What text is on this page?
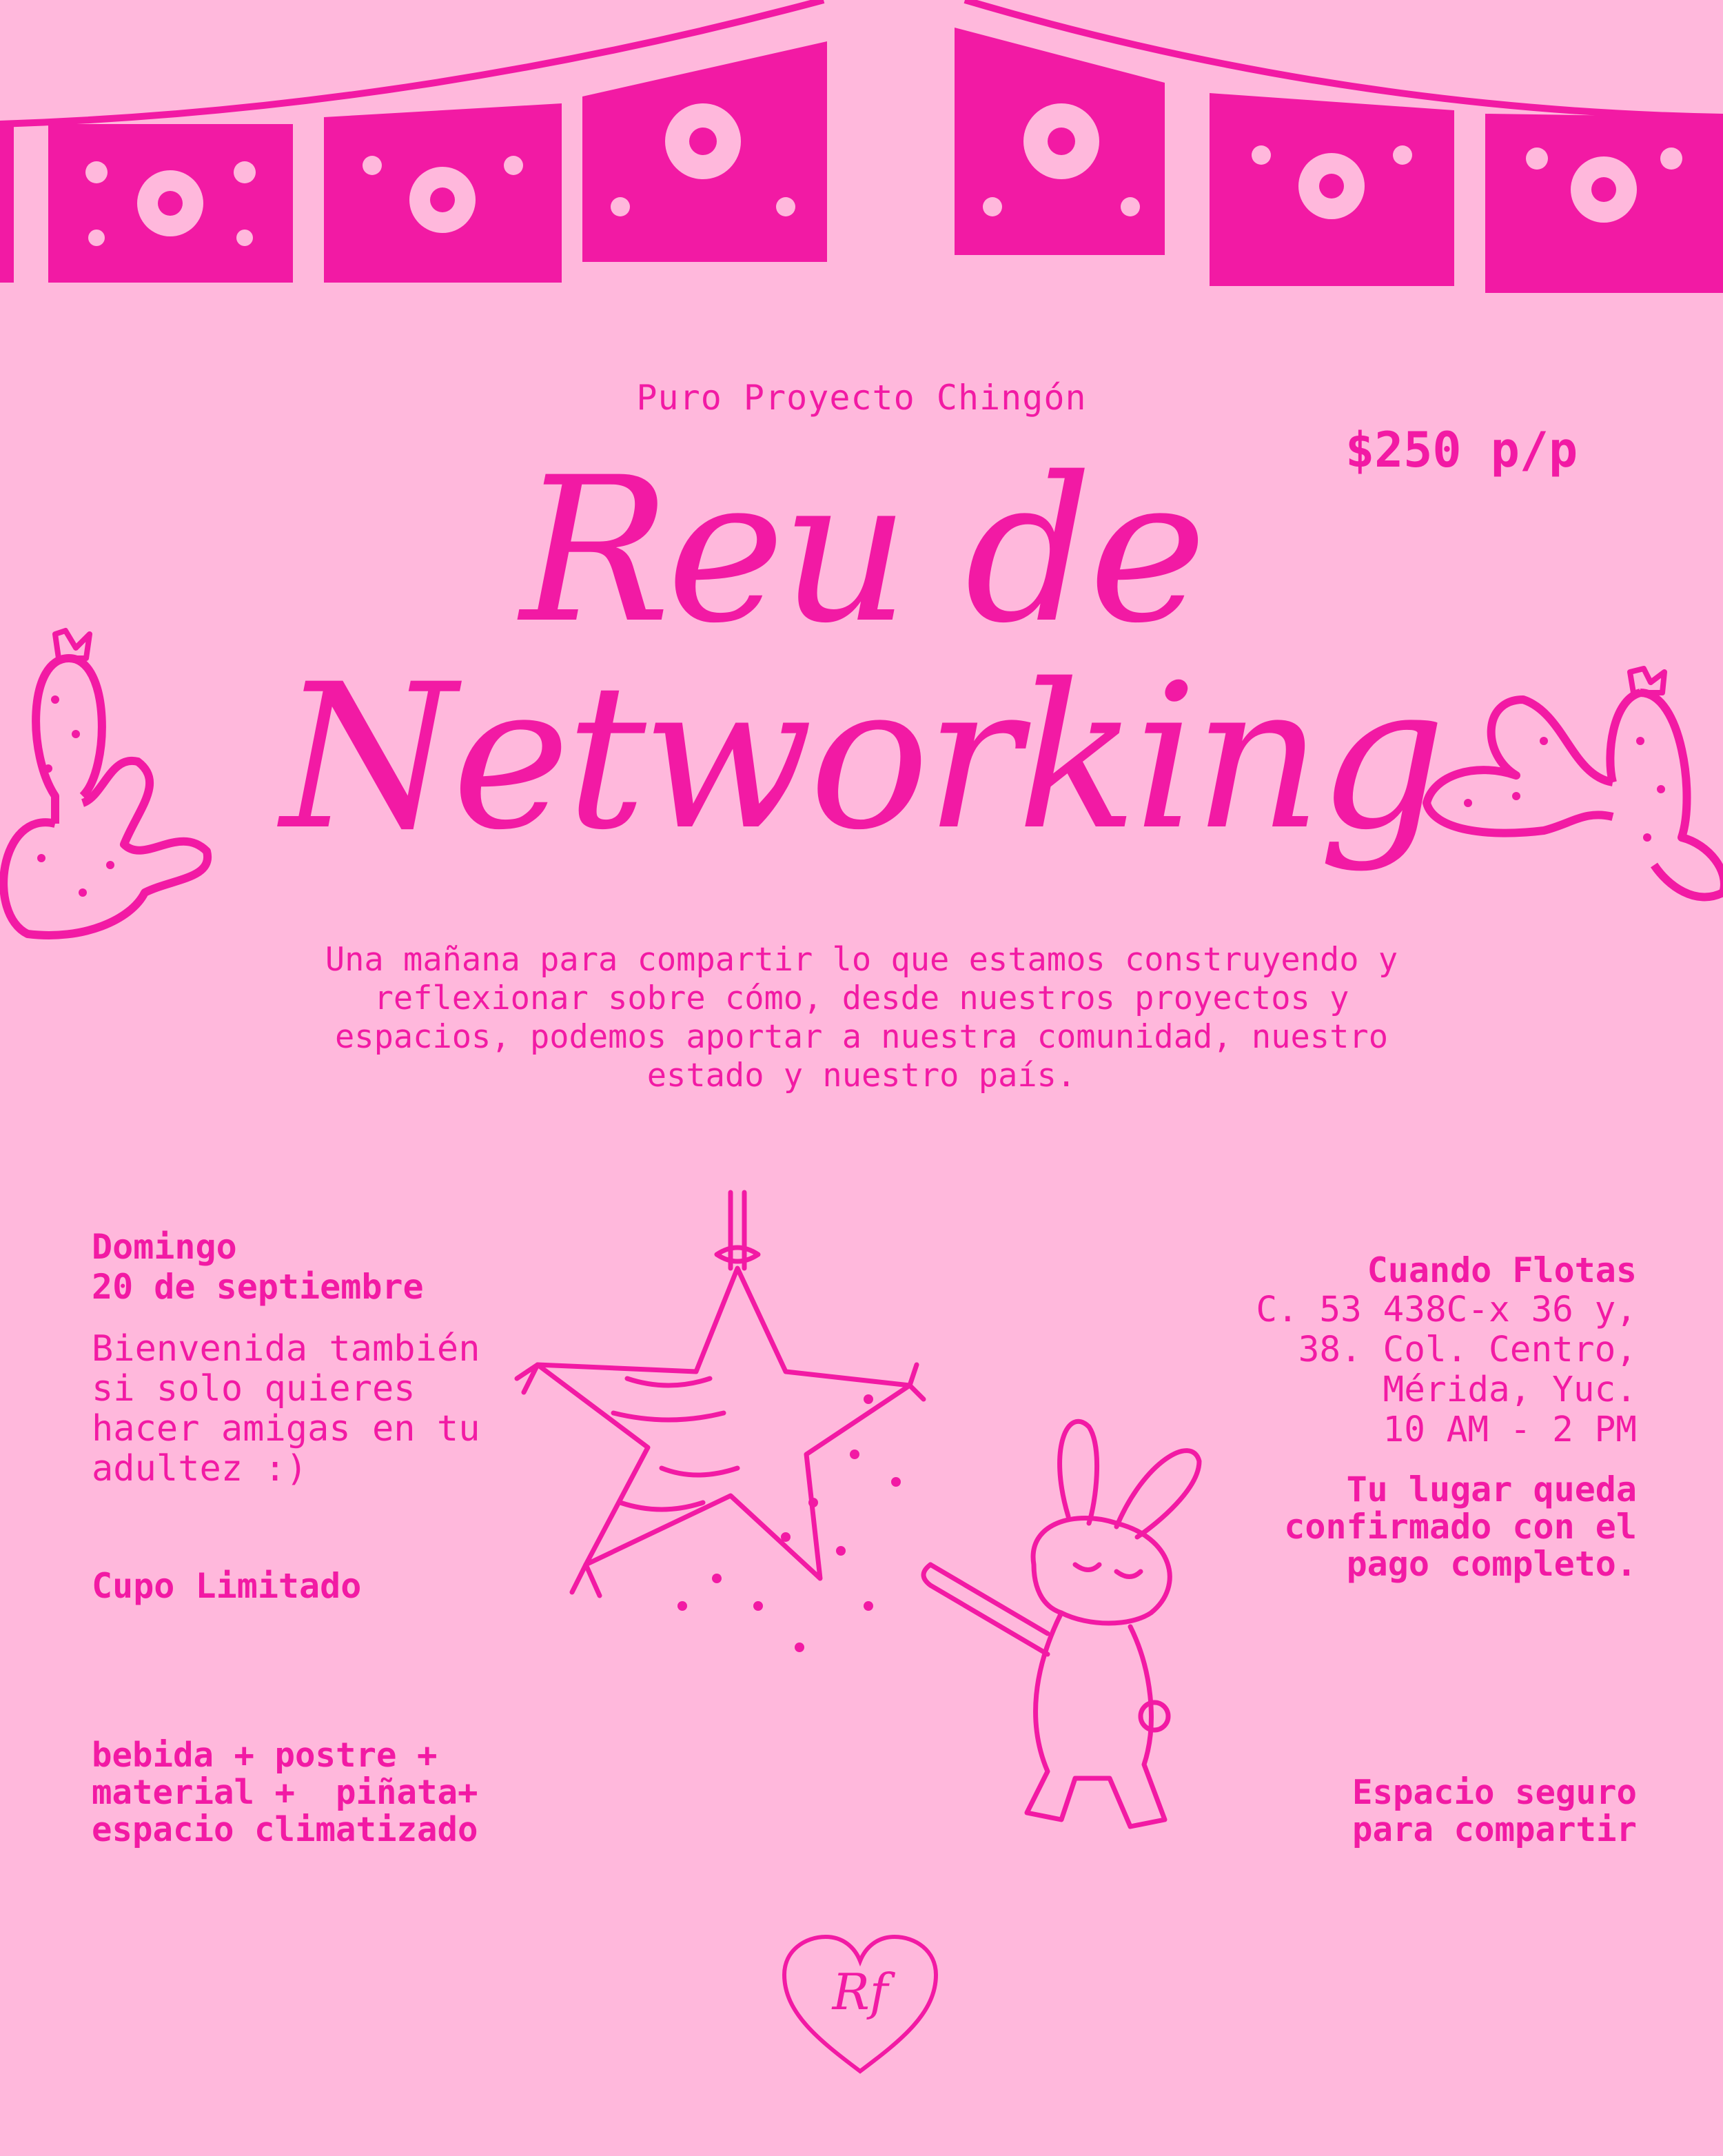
Puro Proyecto Chingón
$250 p/p
Reu de
Networking
Una mañana para compartir lo que estamos construyendo y reflexionar sobre cómo, desde nuestros proyectos y espacios, podemos aportar a nuestra comunidad, nuestro estado y nuestro país.
Domingo
20 de septiembre
Bienvenida también si solo quieres hacer amigas en tu adultez :)
Cupo Limitado
bebida + postre +
material +  piñata+
espacio climatizado
Cuando Flotas
C. 53 438C-x 36 y,
38. Col. Centro,
Mérida, Yuc.
10 AM - 2 PM
Tu lugar queda
confirmado con el
pago completo.
Espacio seguro
para compartir
Rf
